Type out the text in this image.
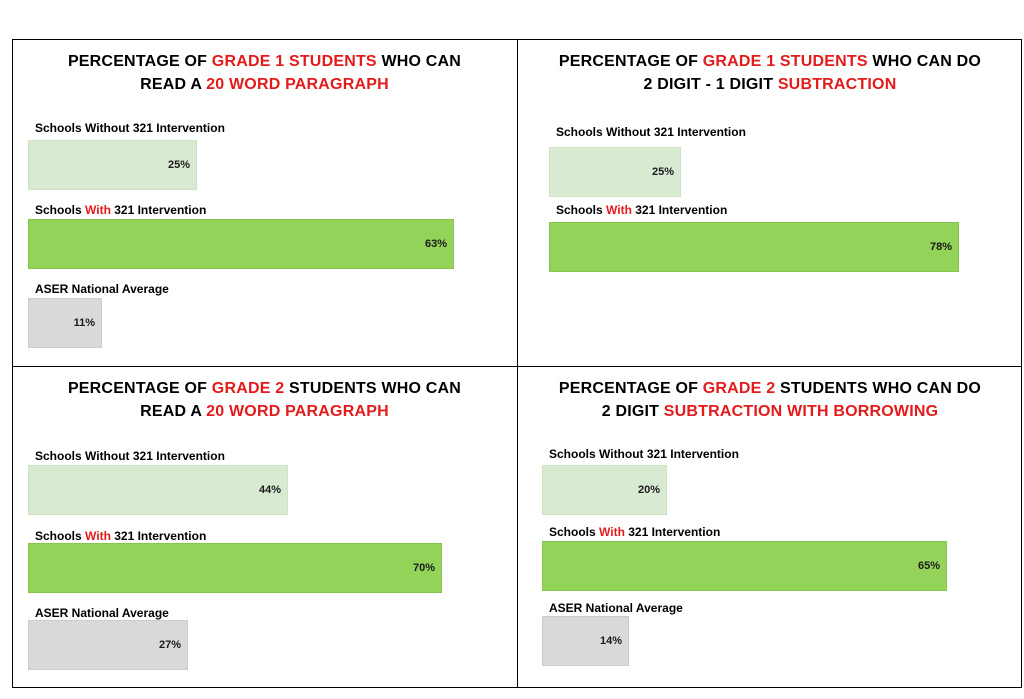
PERCENTAGE OF GRADE 1 STUDENTS WHO CAN
READ A 20 WORD PARAGRAPH
Schools Without 321 Intervention
25%
Schools With 321 Intervention
63%
ASER National Average
11%
PERCENTAGE OF GRADE 1 STUDENTS WHO CAN DO
2 DIGIT - 1 DIGIT SUBTRACTION
Schools Without 321 Intervention
25%
Schools With 321 Intervention
78%
PERCENTAGE OF GRADE 2 STUDENTS WHO CAN
READ A 20 WORD PARAGRAPH
Schools Without 321 Intervention
44%
Schools With 321 Intervention
70%
ASER National Average
27%
PERCENTAGE OF GRADE 2 STUDENTS WHO CAN DO
2 DIGIT SUBTRACTION WITH BORROWING
Schools Without 321 Intervention
20%
Schools With 321 Intervention
65%
ASER National Average
14%
